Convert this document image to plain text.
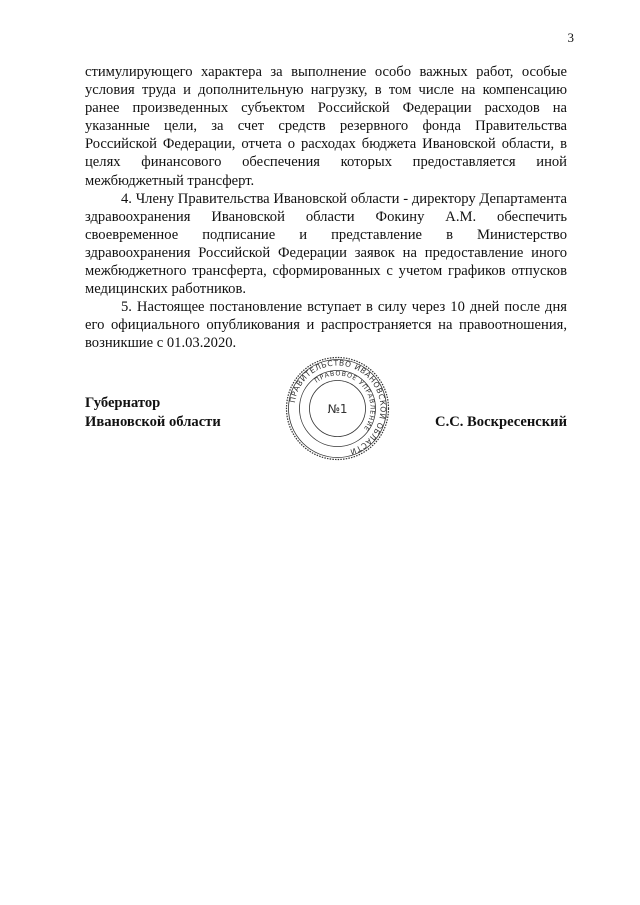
3

стимулирующего характера за выполнение особо важных работ, особые условия труда и дополнительную нагрузку, в том числе на компенсацию ранее произведенных субъектом Российской Федерации расходов на указанные цели, за счет средств резервного фонда Правительства Российской Федерации, отчета о расходах бюджета Ивановской области, в целях финансового обеспечения которых предоставляется иной межбюджетный трансферт.

4. Члену Правительства Ивановской области - директору Департамента здравоохранения Ивановской области Фокину А.М. обеспечить своевременное подписание и представление в Министерство здравоохранения Российской Федерации заявок на предоставление иного межбюджетного трансферта, сформированных с учетом графиков отпусков медицинских работников.

5. Настоящее постановление вступает в силу через 10 дней после дня его официального опубликования и распространяется на правоотношения, возникшие с 01.03.2020.

Губернатор
Ивановской области	С.С. Воскресенский
ПРАВИТЕЛЬСТВО ИВАНОВСКОЙ ОБЛАСТИ
ПРАВОВОЕ УПРАВЛЕНИЕ
№1
